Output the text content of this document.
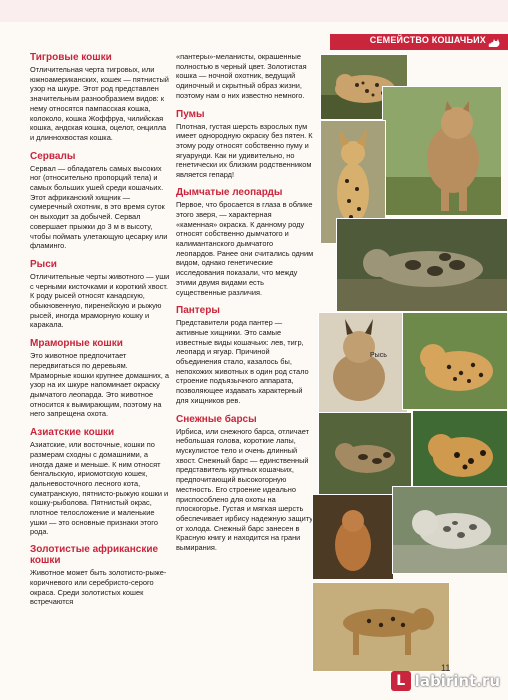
СЕМЕЙСТВО КОШАЧЬИХ
Тигровые кошки

Отличительная черта тигровых, или южноамериканских, кошек — пятнистый узор на шкуре. Этот род представлен значительным разнообразием видов: к нему относятся пампасская кошка, колоколо, кошка Жоффруа, чилийская кошка, андская кошка, оцелот, онцилла и длиннохвостая кошка.

Сервалы

Сервал — обладатель самых высоких ног (относительно пропорций тела) и самых больших ушей среди кошачьих. Этот африканский хищник — сумеречный охотник, в это время суток он выходит за добычей. Сервал совершает прыжки до 3 м в высоту, чтобы поймать улетающую цесарку или фламинго.

Рыси

Отличительные черты животного — уши с черными кисточками и короткий хвост. К роду рысей относят канадскую, обыкновенную, пиренейскую и рыжую рысей, иногда мраморную кошку и каракала.

Мраморные кошки

Это животное предпочитает передвигаться по деревьям. Мраморные кошки крупнее домашних, а узор на их шкуре напоминает окраску дымчатого леопарда. Это животное относится к вымирающим, поэтому на него запрещена охота.

Азиатские кошки

Азиатские, или восточные, кошки по размерам сходны с домашними, а иногда даже и меньше. К ним относят бенгальскую, ириомотскую кошек, дальневосточного лесного кота, суматранскую, пятнисто-рыжую кошки и кошку-рыболова. Пятнистый окрас, плотное телосложение и маленькие ушки — это основные признаки этого рода.

Золотистые африканские кошки

Животное может быть золотисто-рыже-коричневого или серебристо-серого окраса. Среди золотистых кошек встречаются

«пантеры»-меланисты, окрашенные полностью в черный цвет. Золотистая кошка — ночной охотник, ведущий одиночный и скрытный образ жизни, поэтому нам о них известно немного.

Пумы

Плотная, густая шерсть взрослых пум имеет однородную окраску без пятен. К этому роду относят собственно пуму и ягуарунди. Как ни удивительно, но генетически их близким родственником является гепард!

Дымчатые леопарды

Первое, что бросается в глаза в облике этого зверя, — характерная «каменная» окраска. К данному роду относят собственно дымчатого и калимантанского дымчатого леопардов. Ранее они считались одним видом, однако генетические исследования показали, что между этими двумя видами есть существенные различия.

Пантеры

Представители рода пантер — активные хищники. Это самые известные виды кошачьих: лев, тигр, леопард и ягуар. Причиной объединения стало, казалось бы, непохожих животных в один род стало строение подъязычного аппарата, позволяющее издавать характерный для хищников рев.

Снежные барсы

Ирбиса, или снежного барса, отличает небольшая голова, короткие лапы, мускулистое тело и очень длинный хвост. Снежный барс — единственный представитель крупных кошачьих, предпочитающий высокогорную местность. Его строение идеально приспособлено для охоты на плоскогорье. Густая и мягкая шерсть обеспечивает ирбису надежную защиту от холода. Снежный барс занесен в Красную книгу и находится на грани вымирания.

Рысь
11
L labirint.ru
